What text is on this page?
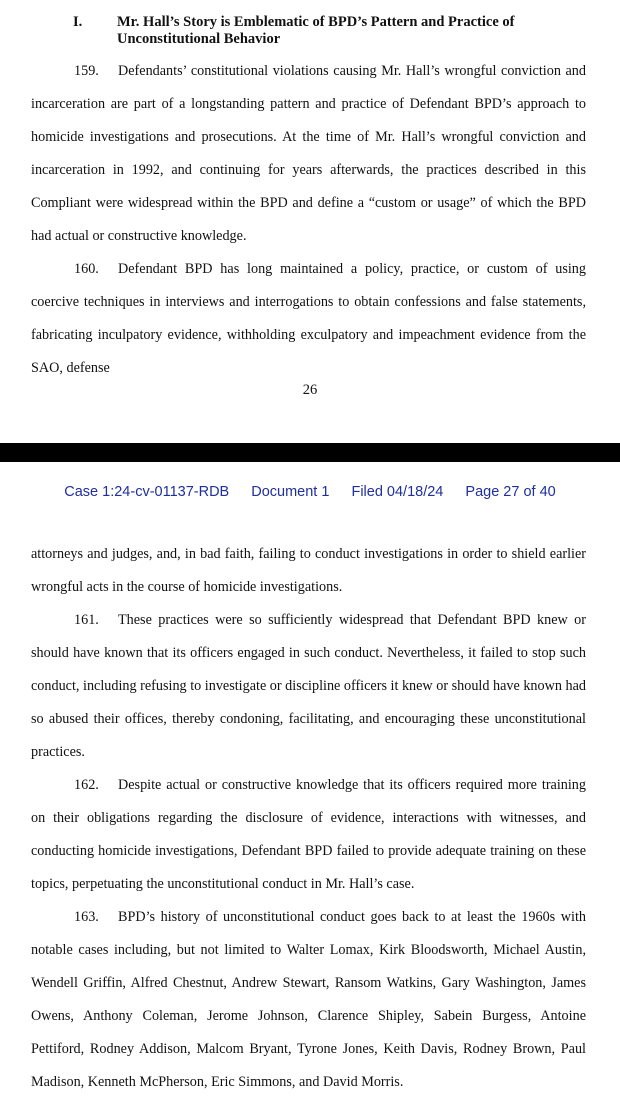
I. Mr. Hall’s Story is Emblematic of BPD’s Pattern and Practice of Unconstitutional Behavior

159. Defendants’ constitutional violations causing Mr. Hall’s wrongful conviction and incarceration are part of a longstanding pattern and practice of Defendant BPD’s approach to homicide investigations and prosecutions. At the time of Mr. Hall’s wrongful conviction and incarceration in 1992, and continuing for years afterwards, the practices described in this Compliant were widespread within the BPD and define a “custom or usage” of which the BPD had actual or constructive knowledge.

160. Defendant BPD has long maintained a policy, practice, or custom of using coercive techniques in interviews and interrogations to obtain confessions and false statements, fabricating inculpatory evidence, withholding exculpatory and impeachment evidence from the SAO, defense

26
Case 1:24-cv-01137-RDB Document 1 Filed 04/18/24 Page 27 of 40

attorneys and judges, and, in bad faith, failing to conduct investigations in order to shield earlier wrongful acts in the course of homicide investigations.

161. These practices were so sufficiently widespread that Defendant BPD knew or should have known that its officers engaged in such conduct. Nevertheless, it failed to stop such conduct, including refusing to investigate or discipline officers it knew or should have known had so abused their offices, thereby condoning, facilitating, and encouraging these unconstitutional practices.

162. Despite actual or constructive knowledge that its officers required more training on their obligations regarding the disclosure of evidence, interactions with witnesses, and conducting homicide investigations, Defendant BPD failed to provide adequate training on these topics, perpetuating the unconstitutional conduct in Mr. Hall’s case.

163. BPD’s history of unconstitutional conduct goes back to at least the 1960s with notable cases including, but not limited to Walter Lomax, Kirk Bloodsworth, Michael Austin, Wendell Griffin, Alfred Chestnut, Andrew Stewart, Ransom Watkins, Gary Washington, James Owens, Anthony Coleman, Jerome Johnson, Clarence Shipley, Sabein Burgess, Antoine Pettiford, Rodney Addison, Malcom Bryant, Tyrone Jones, Keith Davis, Rodney Brown, Paul Madison, Kenneth McPherson, Eric Simmons, and David Morris.
